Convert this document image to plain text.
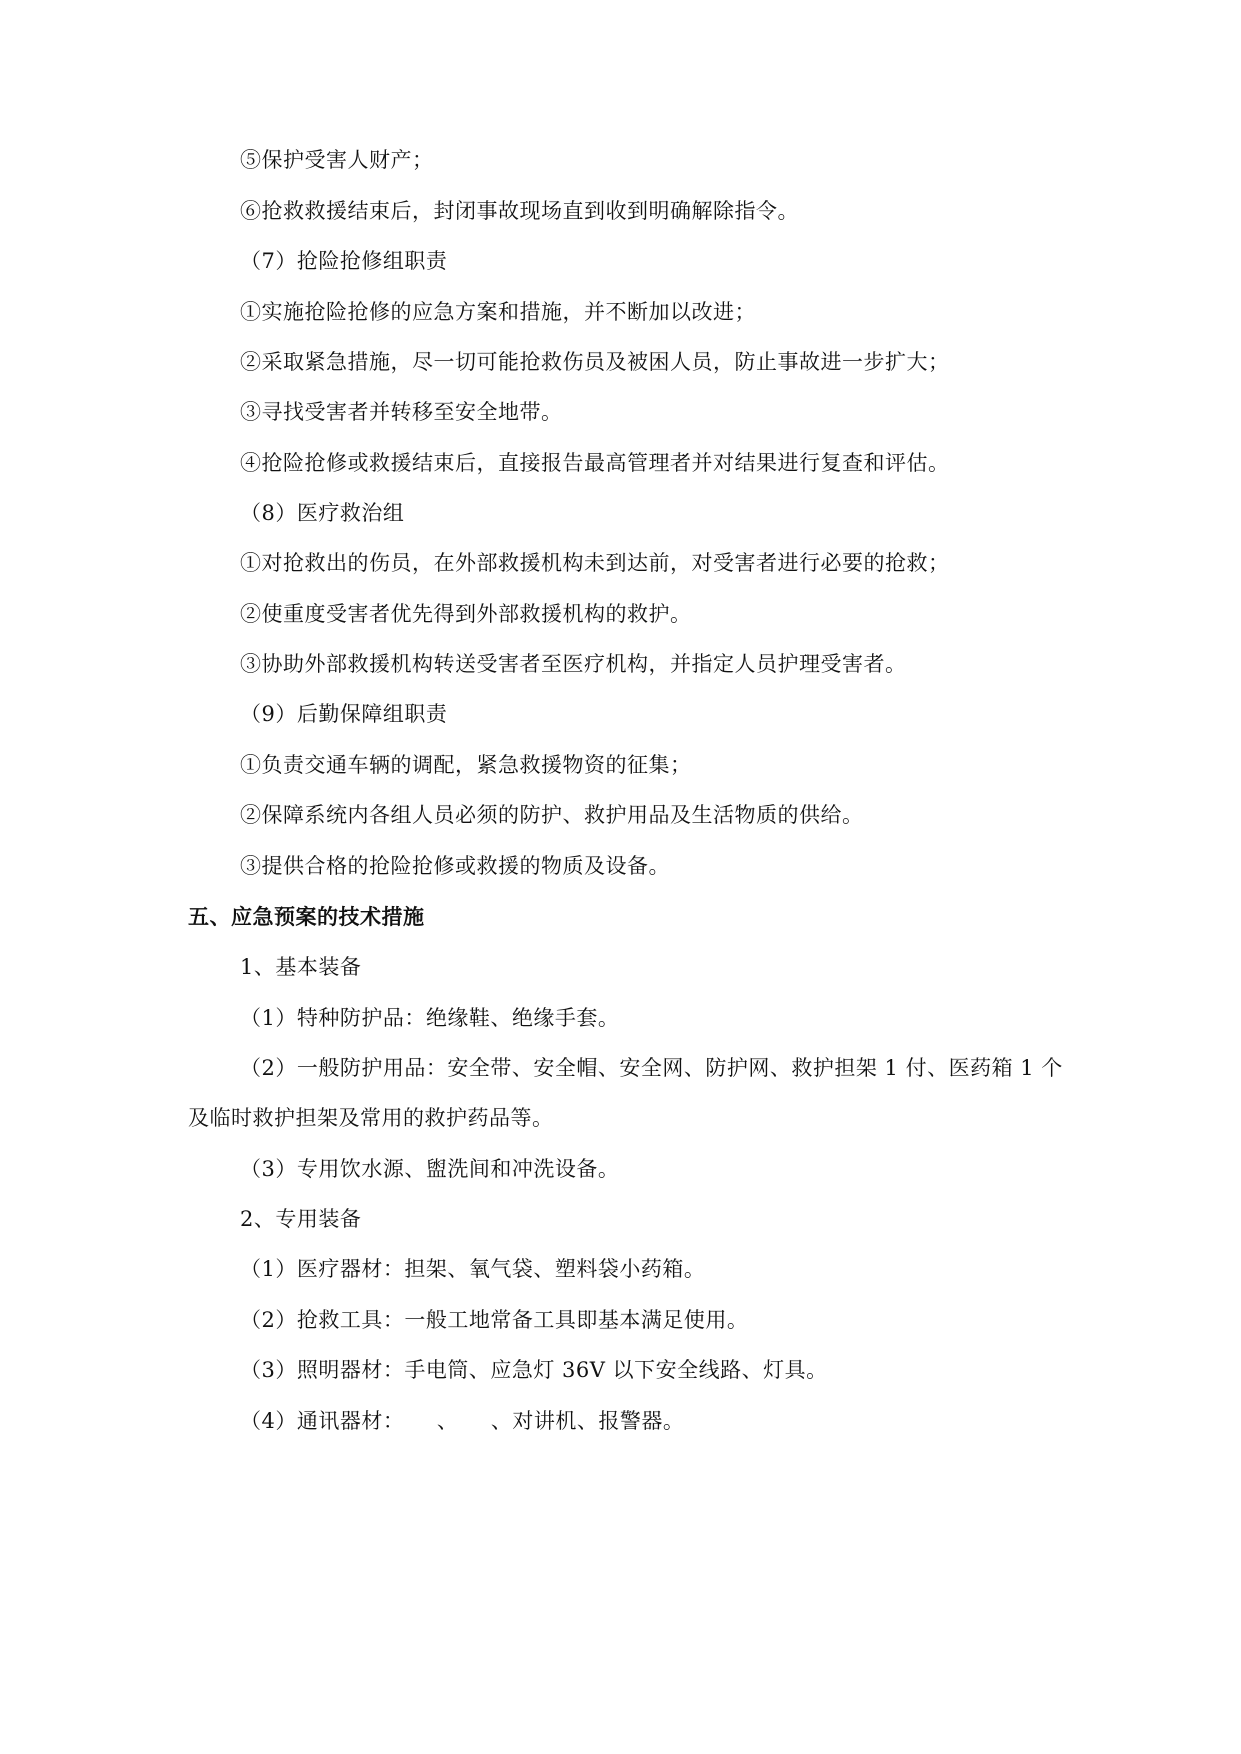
⑤保护受害人财产；
⑥抢救救援结束后，封闭事故现场直到收到明确解除指令。
（7）抢险抢修组职责
①实施抢险抢修的应急方案和措施，并不断加以改进；
②采取紧急措施，尽一切可能抢救伤员及被困人员，防止事故进一步扩大；
③寻找受害者并转移至安全地带。
④抢险抢修或救援结束后，直接报告最高管理者并对结果进行复查和评估。
（8）医疗救治组
①对抢救出的伤员，在外部救援机构未到达前，对受害者进行必要的抢救；
②使重度受害者优先得到外部救援机构的救护。
③协助外部救援机构转送受害者至医疗机构，并指定人员护理受害者。
（9）后勤保障组职责
①负责交通车辆的调配，紧急救援物资的征集；
②保障系统内各组人员必须的防护、救护用品及生活物质的供给。
③提供合格的抢险抢修或救援的物质及设备。
五、应急预案的技术措施
1、基本装备
（1）特种防护品：绝缘鞋、绝缘手套。
（2）一般防护用品：安全带、安全帽、安全网、防护网、救护担架 1 付、医药箱 1 个
及临时救护担架及常用的救护药品等。
（3）专用饮水源、盥洗间和冲洗设备。
2、专用装备
（1）医疗器材：担架、氧气袋、塑料袋小药箱。
（2）抢救工具：一般工地常备工具即基本满足使用。
（3）照明器材：手电筒、应急灯 36V 以下安全线路、灯具。
（4）通讯器材：　　、　　、对讲机、报警器。
